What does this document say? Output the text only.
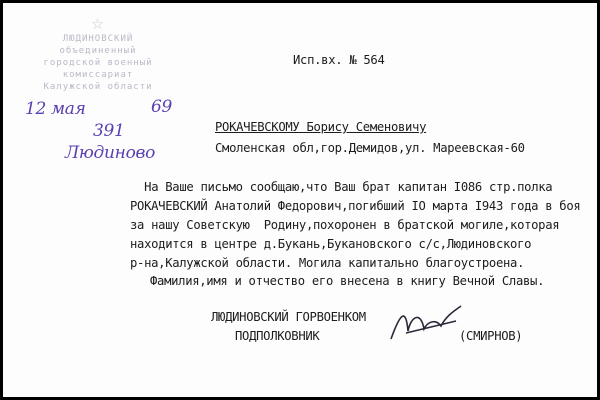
☆
ЛЮДИНОВСКИЙ
объединенный
городской военный
комиссариат
Калужской области
12 мая	69
391
Людиново
Исп.вх. № 564
РОКАЧЕВСКОМУ Борису Семеновичу
Смоленская обл,гор.Демидов,ул. Мареевская-60
На Ваше письмо сообщаю,что Ваш брат капитан I086 стр.полка
РОКАЧЕВСКИЙ Анатолий Федорович,погибший IO марта I943 года в боя
за нашу Советскую  Родину,похоронен в братской могиле,которая
находится в центре д.Букань,Букановского с/с,Людиновского
р-на,Калужской области. Могила капитально благоустроена.
Фамилия,имя и отчество его внесена в книгу Вечной Славы.
ЛЮДИНОВСКИЙ ГОРВОЕНКОМ
ПОДПОЛКОВНИК	(СМИРНОВ)
